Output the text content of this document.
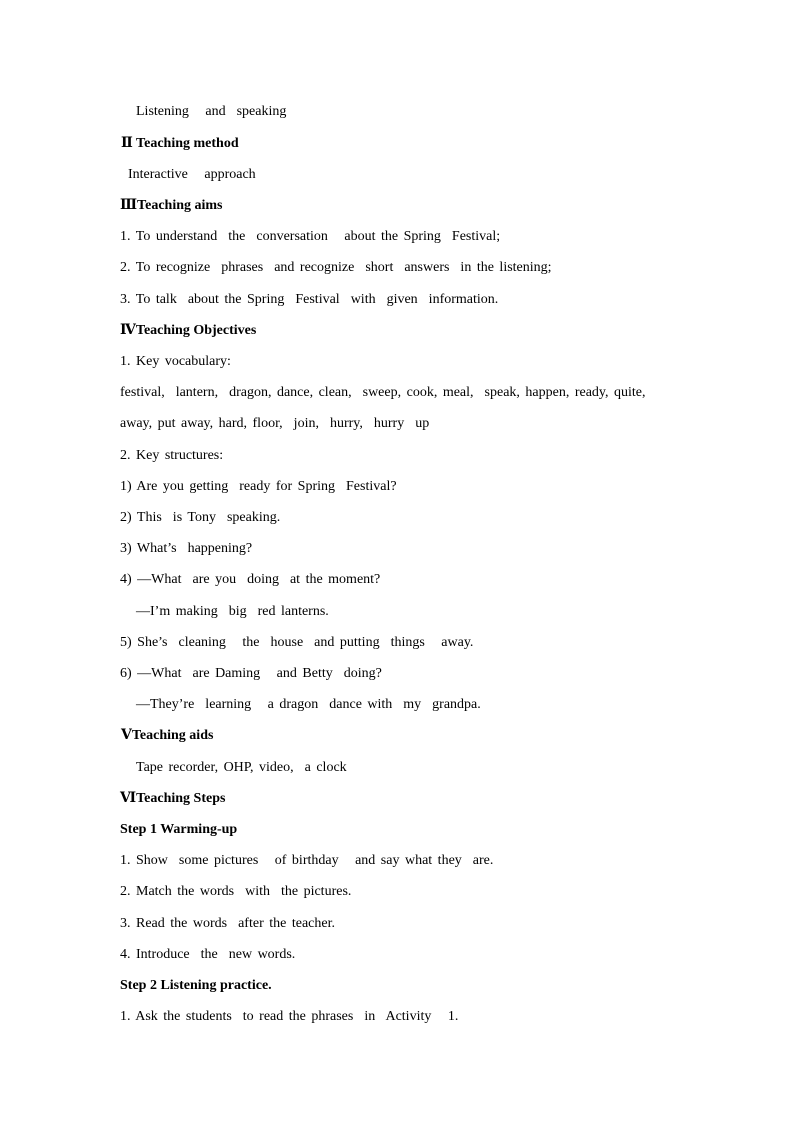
Listening   and  speaking
Ⅱ Teaching method
Interactive   approach
ⅢTeaching aims
1. To understand  the  conversation   about the Spring  Festival;
2. To recognize  phrases  and recognize  short  answers  in the listening;
3. To talk  about the Spring  Festival  with  given  information.
ⅣTeaching Objectives
1. Key vocabulary:
festival,  lantern,  dragon, dance, clean,  sweep, cook, meal,  speak, happen, ready, quite,
away, put away, hard, floor,  join,  hurry,  hurry  up
2. Key structures:
1) Are you getting  ready for Spring  Festival?
2) This  is Tony  speaking.
3) What’s  happening?
4) —What  are you  doing  at the moment?
—I’m making  big  red lanterns.
5) She’s  cleaning   the  house  and putting  things   away.
6) —What  are Daming   and Betty  doing?
—They’re  learning   a dragon  dance with  my  grandpa.
ⅤTeaching aids
Tape recorder, OHP, video,  a clock
ⅥTeaching Steps
Step 1 Warming-up
1. Show  some pictures   of birthday   and say what they  are.
2. Match the words  with  the pictures.
3. Read the words  after the teacher.
4. Introduce  the  new words.
Step 2 Listening practice.
1. Ask the students  to read the phrases  in  Activity   1.
